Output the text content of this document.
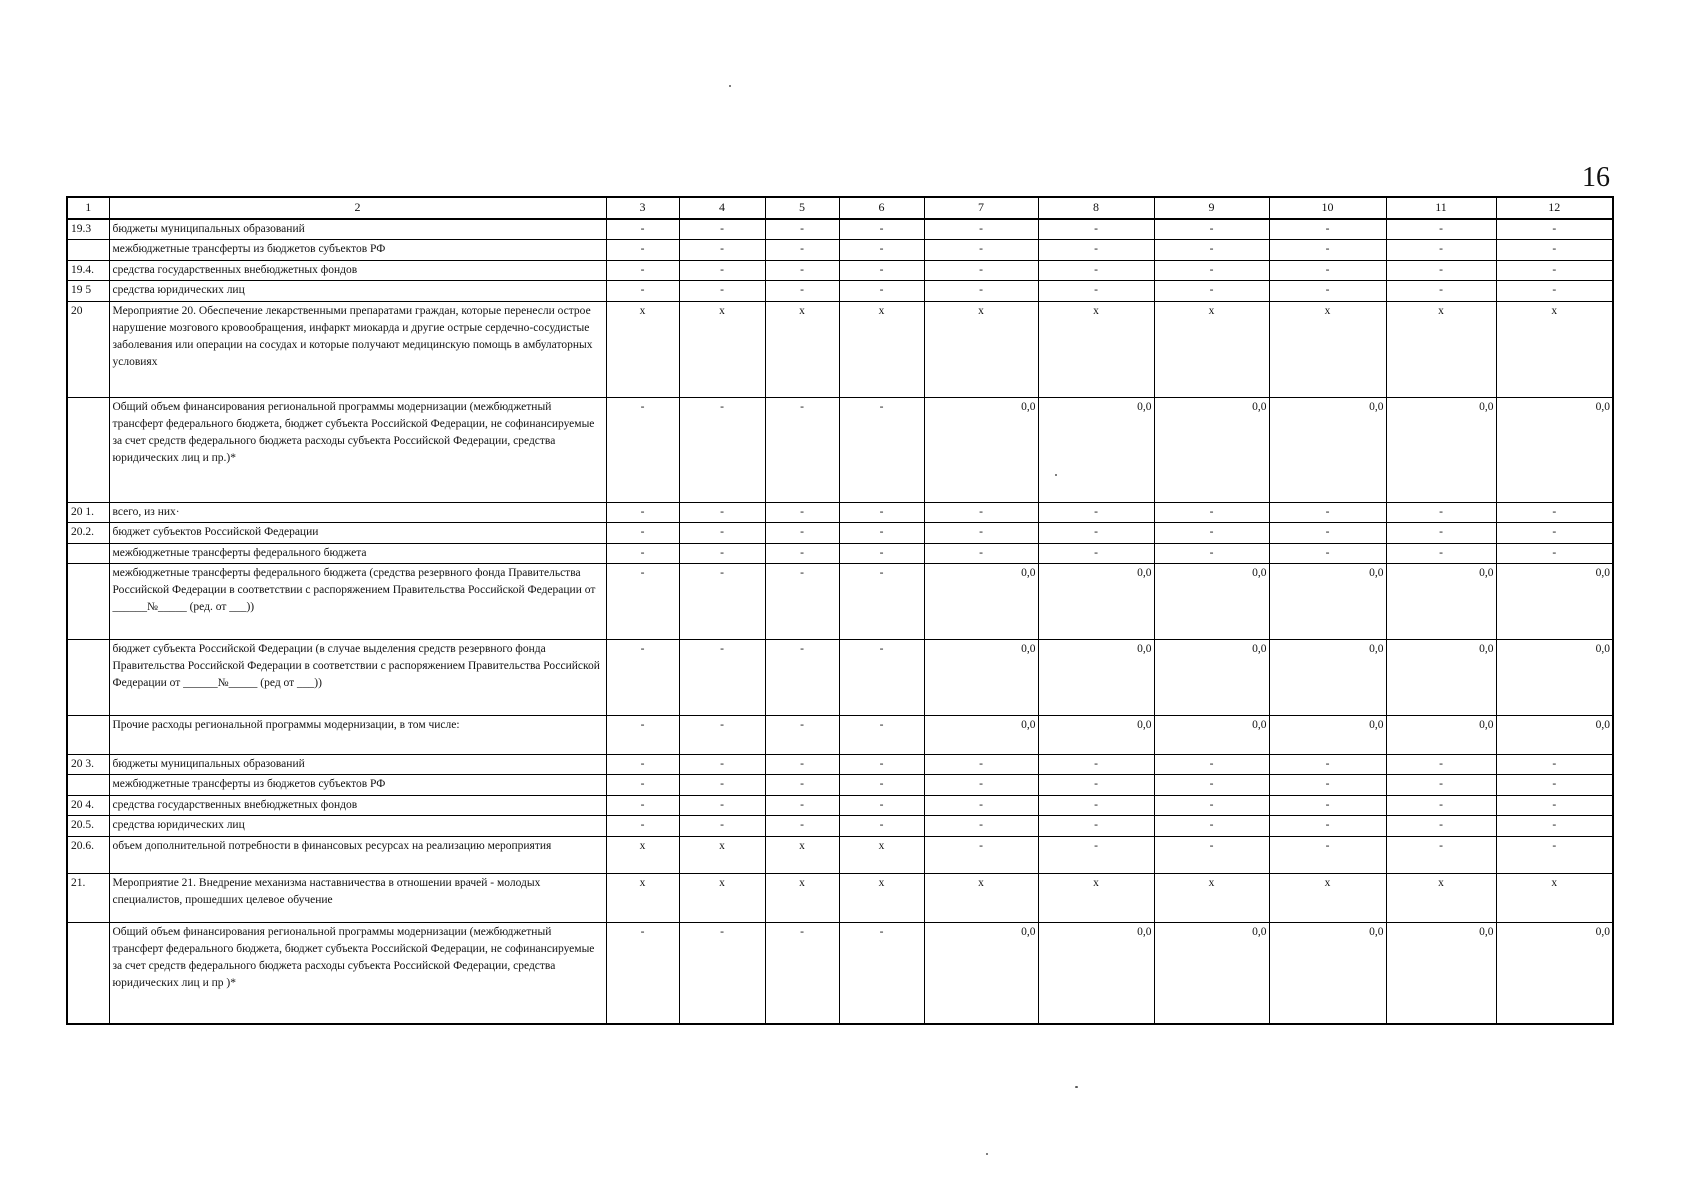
16
1	2	3	4	5	6	7	8	9	10	11	12
19.3	бюджеты муниципальных образований	-	-	-	-	-	-	-	-	-	-
	межбюджетные трансферты из бюджетов субъектов РФ	-	-	-	-	-	-	-	-	-	-
19.4.	средства государственных внебюджетных фондов	-	-	-	-	-	-	-	-	-	-
19 5	средства юридических лиц	-	-	-	-	-	-	-	-	-	-
20	Мероприятие 20. Обеспечение лекарственными препаратами граждан, которые перенесли острое нарушение мозгового кровообращения, инфаркт миокарда и другие острые сердечно-сосудистые заболевания или операции на сосудах и которые получают медицинскую помощь в амбулаторных условиях	x	x	x	x	x	x	x	x	x	x
	Общий объем финансирования региональной программы модернизации (межбюджетный трансферт федерального бюджета, бюджет субъекта Российской Федерации, не софинансируемые за счет средств федерального бюджета расходы субъекта Российской Федерации, средства юридических лиц и пр.)*	-	-	-	-	0,0	0,0	0,0	0,0	0,0	0,0
20 1.	всего, из них·	-	-	-	-	-	-	-	-	-	-
20.2.	бюджет субъектов Российской Федерации	-	-	-	-	-	-	-	-	-	-
	межбюджетные трансферты федерального бюджета	-	-	-	-	-	-	-	-	-	-
	межбюджетные трансферты федерального бюджета (средства резервного фонда Правительства Российской Федерации в соответствии с распоряжением Правительства Российской Федерации от ______№_____ (ред. от ___))	-	-	-	-	0,0	0,0	0,0	0,0	0,0	0,0
	бюджет субъекта Российской Федерации (в случае выделения средств резервного фонда Правительства Российской Федерации в соответствии с распоряжением Правительства Российской Федерации от ______№_____ (ред от ___))	-	-	-	-	0,0	0,0	0,0	0,0	0,0	0,0
	Прочие расходы региональной программы модернизации, в том числе:	-	-	-	-	0,0	0,0	0,0	0,0	0,0	0,0
20 3.	бюджеты муниципальных образований	-	-	-	-	-	-	-	-	-	-
	межбюджетные трансферты из бюджетов субъектов РФ	-	-	-	-	-	-	-	-	-	-
20 4.	средства государственных внебюджетных фондов	-	-	-	-	-	-	-	-	-	-
20.5.	средства юридических лиц	-	-	-	-	-	-	-	-	-	-
20.6.	объем дополнительной потребности в финансовых ресурсах на реализацию мероприятия	x	x	x	x	-	-	-	-	-	-
21.	Мероприятие 21. Внедрение механизма наставничества в отношении врачей - молодых специалистов, прошедших целевое обучение	x	x	x	x	x	x	x	x	x	x
	Общий объем финансирования региональной программы модернизации (межбюджетный трансферт федерального бюджета, бюджет субъекта Российской Федерации, не софинансируемые за счет средств федерального бюджета расходы субъекта Российской Федерации, средства юридических лиц и пр )*	-	-	-	-	0,0	0,0	0,0	0,0	0,0	0,0
